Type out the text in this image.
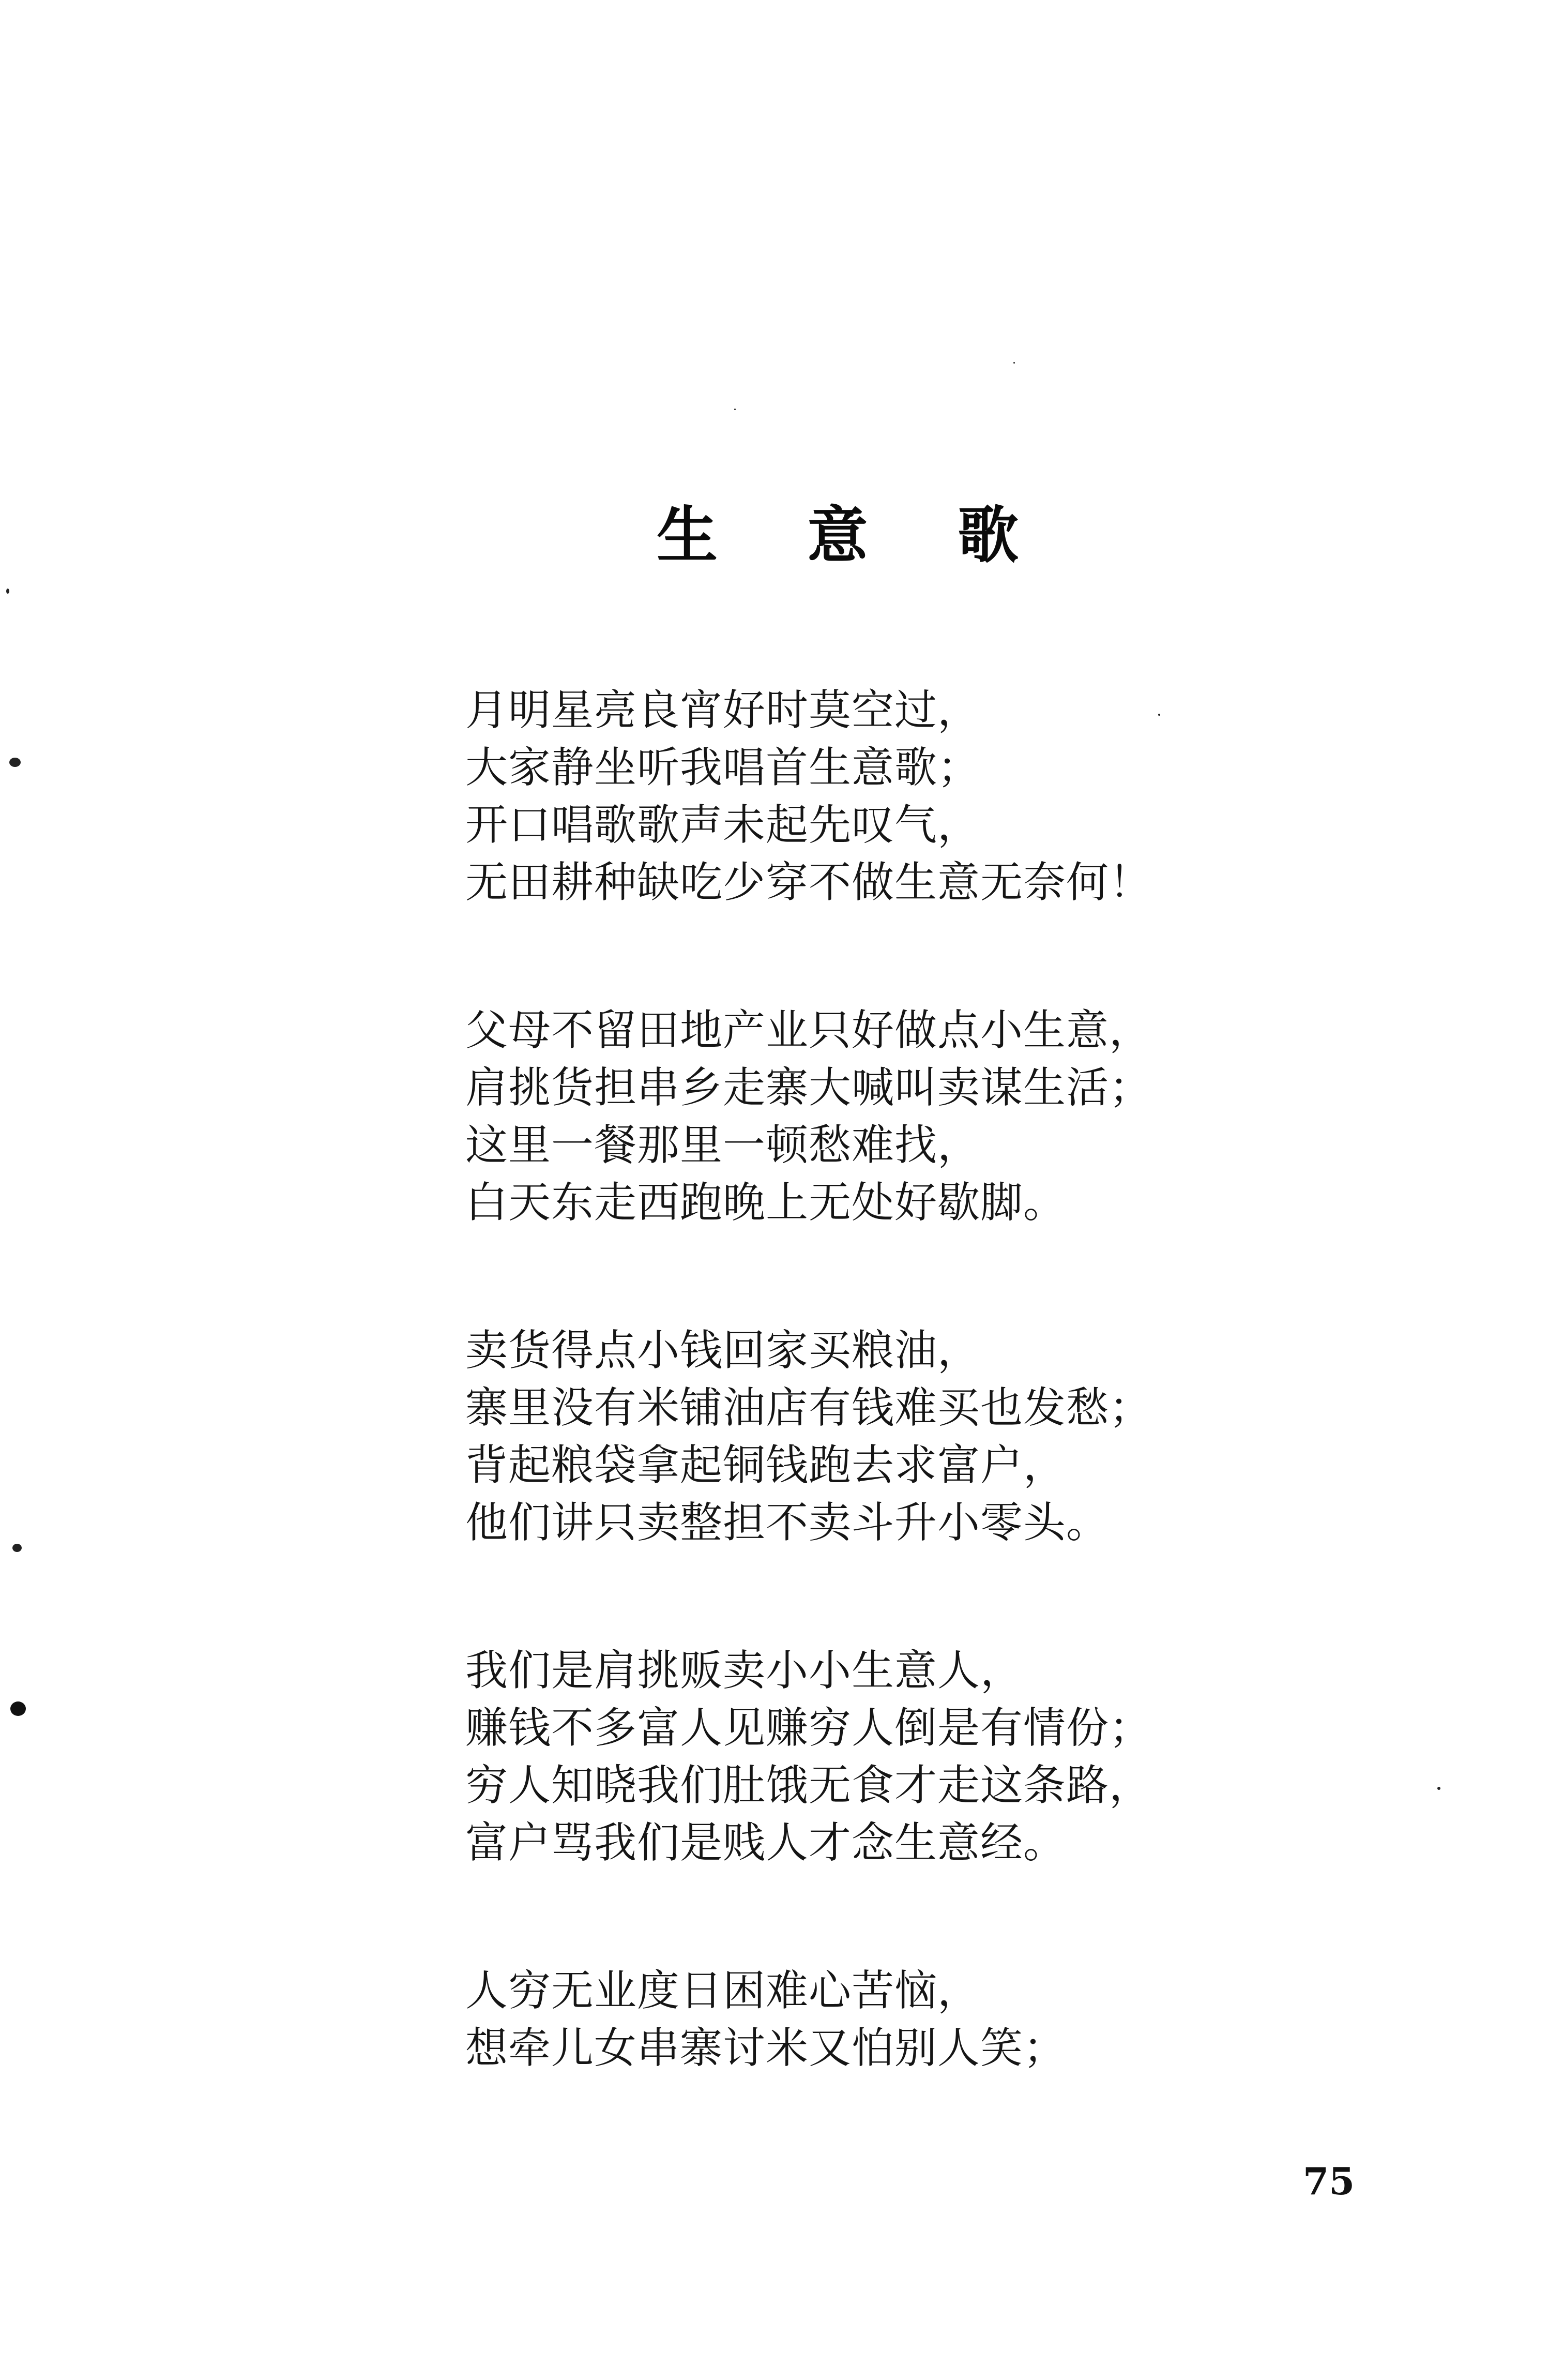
生 意 歌
月明星亮良宵好时莫空过，
大家静坐听我唱首生意歌；
开口唱歌歌声未起先叹气，
无田耕种缺吃少穿不做生意无奈何！
父母不留田地产业只好做点小生意，
肩挑货担串乡走寨大喊叫卖谋生活；
这里一餐那里一顿愁难找，
白天东走西跑晚上无处好歇脚。
卖货得点小钱回家买粮油，
寨里没有米铺油店有钱难买也发愁；
背起粮袋拿起铜钱跑去求富户，
他们讲只卖整担不卖斗升小零头。
我们是肩挑贩卖小小生意人，
赚钱不多富人见赚穷人倒是有情份；
穷人知晓我们肚饿无食才走这条路，
富户骂我们是贱人才念生意经。
人穷无业度日困难心苦恼，
想牵儿女串寨讨米又怕别人笑；
75
